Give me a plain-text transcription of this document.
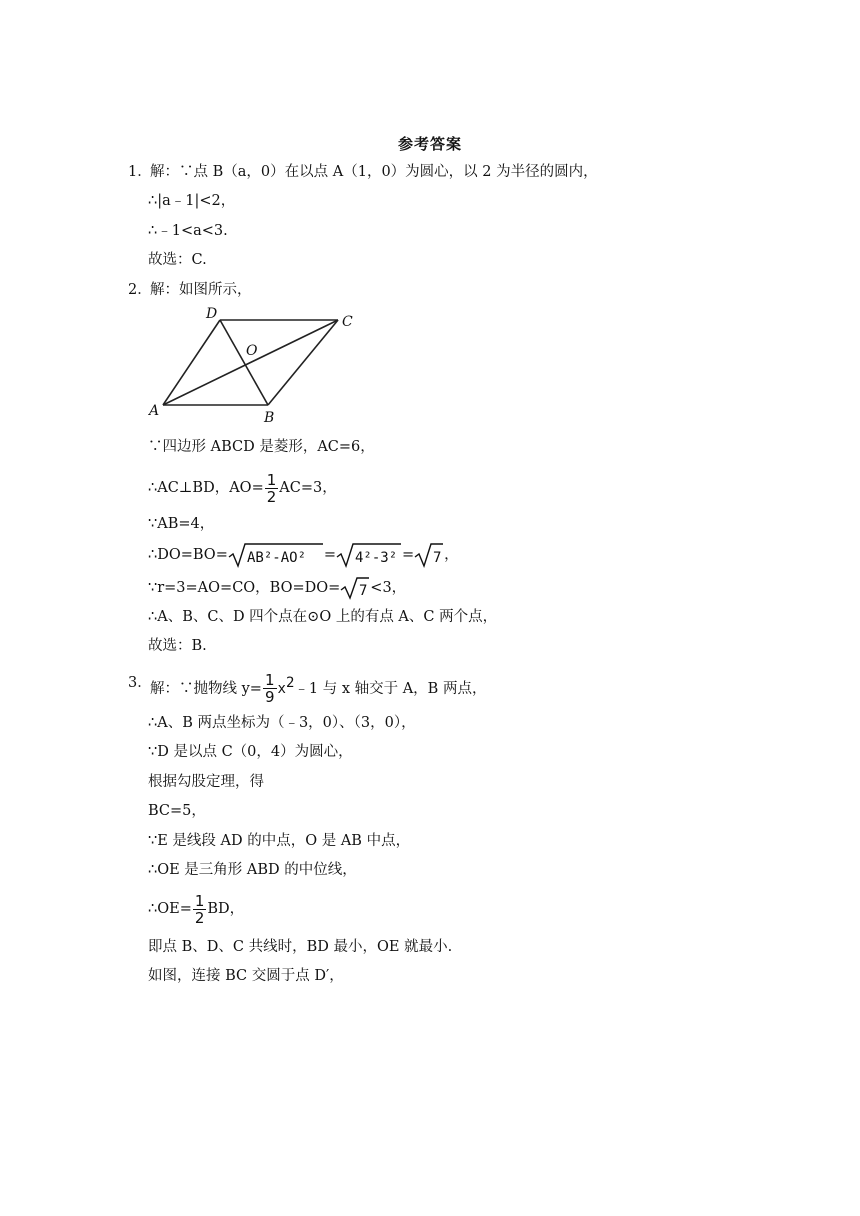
参考答案
1．
解：∵点 B（a，0）在以点 A（1，0）为圆心，以 2 为半径的圆内，
∴|a﹣1|<2，
∴﹣1<a<3.
故选：C.
2．
解：如图所示，
D	C
O
A	B
∵四边形 ABCD 是菱形，AC=6，
∴AC⊥BD，$AO= \frac{1}{2} AC=3$，
∵AB=4，
∴DO=BO= AB²-AO² = 4²-3² = 7 ，
∵r=3=AO=CO，BO=DO= 7 <3，
∴A、B、C、D 四个点在⊙O 上的有点 A、C 两个点，
故选：B.
3．
解：∵抛物线 $y= \frac{1}{9}$ $x^2﹣1$ 与 x 轴交于 A，B 两点，
∴A、B 两点坐标为（﹣3，0）、（3，0），
∵D 是以点 C（0，4）为圆心，
根据勾股定理，得
BC=5，
∵E 是线段 AD 的中点，O 是 AB 中点，
∴OE 是三角形 ABD 的中位线，
∴OE= $\frac{1}{2}$ BD，
即点 B、D、C 共线时，BD 最小，OE 就最小.
如图，连接 BC 交圆于点 D′，
